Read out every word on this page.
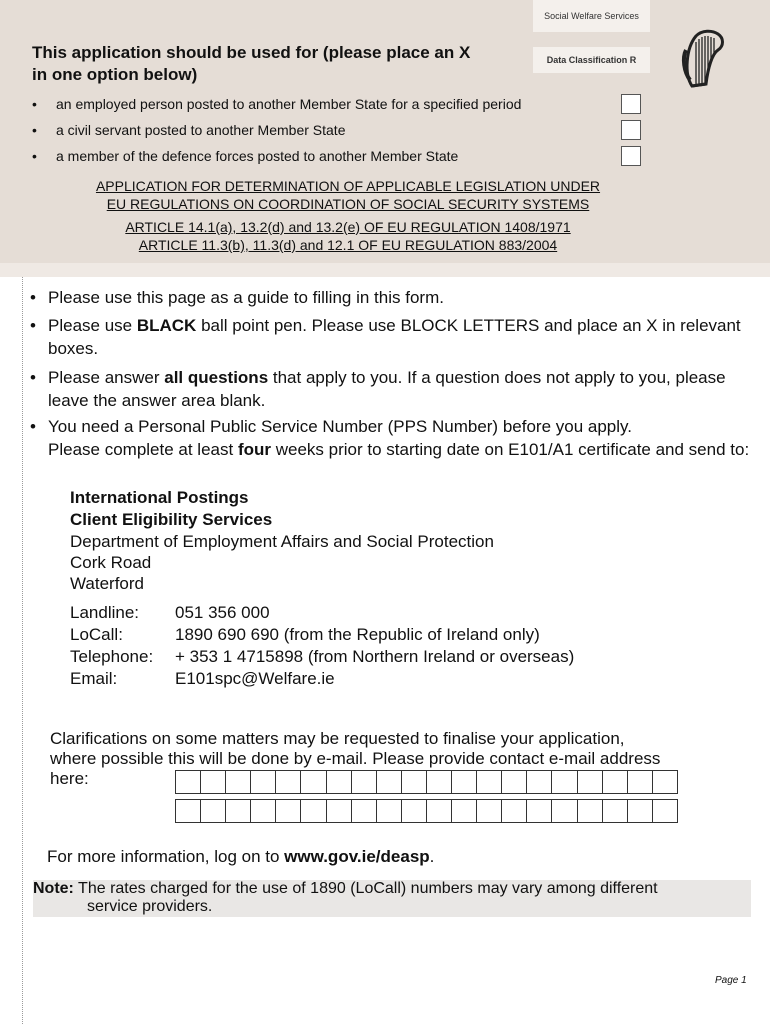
Social Welfare Services
Data Classification R
This application should be used for (please place an X
in one option below)
• an employed person posted to another Member State for a specified period
• a civil servant posted to another Member State
• a member of the defence forces posted to another Member State
APPLICATION FOR DETERMINATION OF APPLICABLE LEGISLATION UNDER
EU REGULATIONS ON COORDINATION OF SOCIAL SECURITY SYSTEMS
ARTICLE 14.1(a), 13.2(d) and 13.2(e) OF EU REGULATION 1408/1971
ARTICLE 11.3(b), 11.3(d) and 12.1 OF EU REGULATION 883/2004
• Please use this page as a guide to filling in this form.
• Please use BLACK ball point pen. Please use BLOCK LETTERS and place an X in relevant boxes.
• Please answer all questions that apply to you. If a question does not apply to you, please leave the answer area blank.
• You need a Personal Public Service Number (PPS Number) before you apply.
Please complete at least four weeks prior to starting date on E101/A1 certificate and send to:
International Postings
Client Eligibility Services
Department of Employment Affairs and Social Protection
Cork Road
Waterford
Landline: 051 356 000
LoCall:	1890 690 690 (from the Republic of Ireland only)
Telephone: + 353 1 4715898 (from Northern Ireland or overseas)
Email:	E101spc@Welfare.ie
Clarifications on some matters may be requested to finalise your application,
where possible this will be done by e-mail. Please provide contact e-mail address
here:
For more information, log on to www.gov.ie/deasp.
Note: The rates charged for the use of 1890 (LoCall) numbers may vary among different
service providers.
Page 1
